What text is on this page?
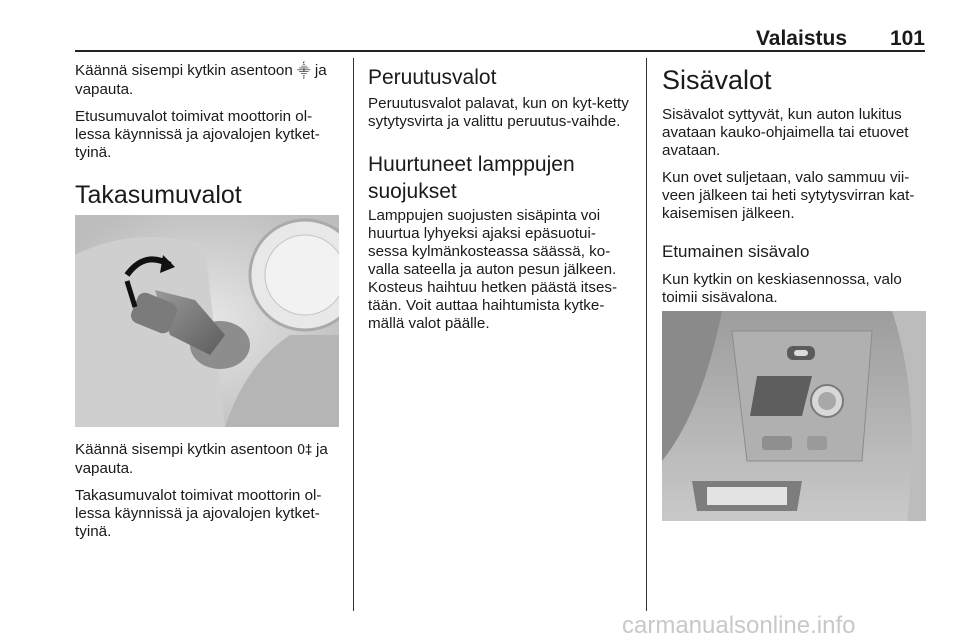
Valaistus 101

Käännä sisempi kytkin asentoon ⸎ ja vapauta.

Etusumuvalot toimivat moottorin ol-lessa käynnissä ja ajovalojen kytket-tyinä.

Takasumuvalot

Käännä sisempi kytkin asentoon 0‡ ja vapauta.

Takasumuvalot toimivat moottorin ol-lessa käynnissä ja ajovalojen kytket-tyinä.

Peruutusvalot

Peruutusvalot palavat, kun on kyt-ketty sytytysvirta ja valittu peruutus-vaihde.

Huurtuneet lamppujen suojukset

Lamppujen suojusten sisäpinta voi huurtua lyhyeksi ajaksi epäsuotui-sessa kylmänkosteassa säässä, ko-valla sateella ja auton pesun jälkeen. Kosteus haihtuu hetken päästä itses-tään. Voit auttaa haihtumista kytke-mällä valot päälle.

Sisävalot

Sisävalot syttyvät, kun auton lukitus avataan kauko-ohjaimella tai etuovet avataan.

Kun ovet suljetaan, valo sammuu vii-veen jälkeen tai heti sytytysvirran kat-kaisemisen jälkeen.

Etumainen sisävalo

Kun kytkin on keskiasennossa, valo toimii sisävalona.

carmanualsonline.info
